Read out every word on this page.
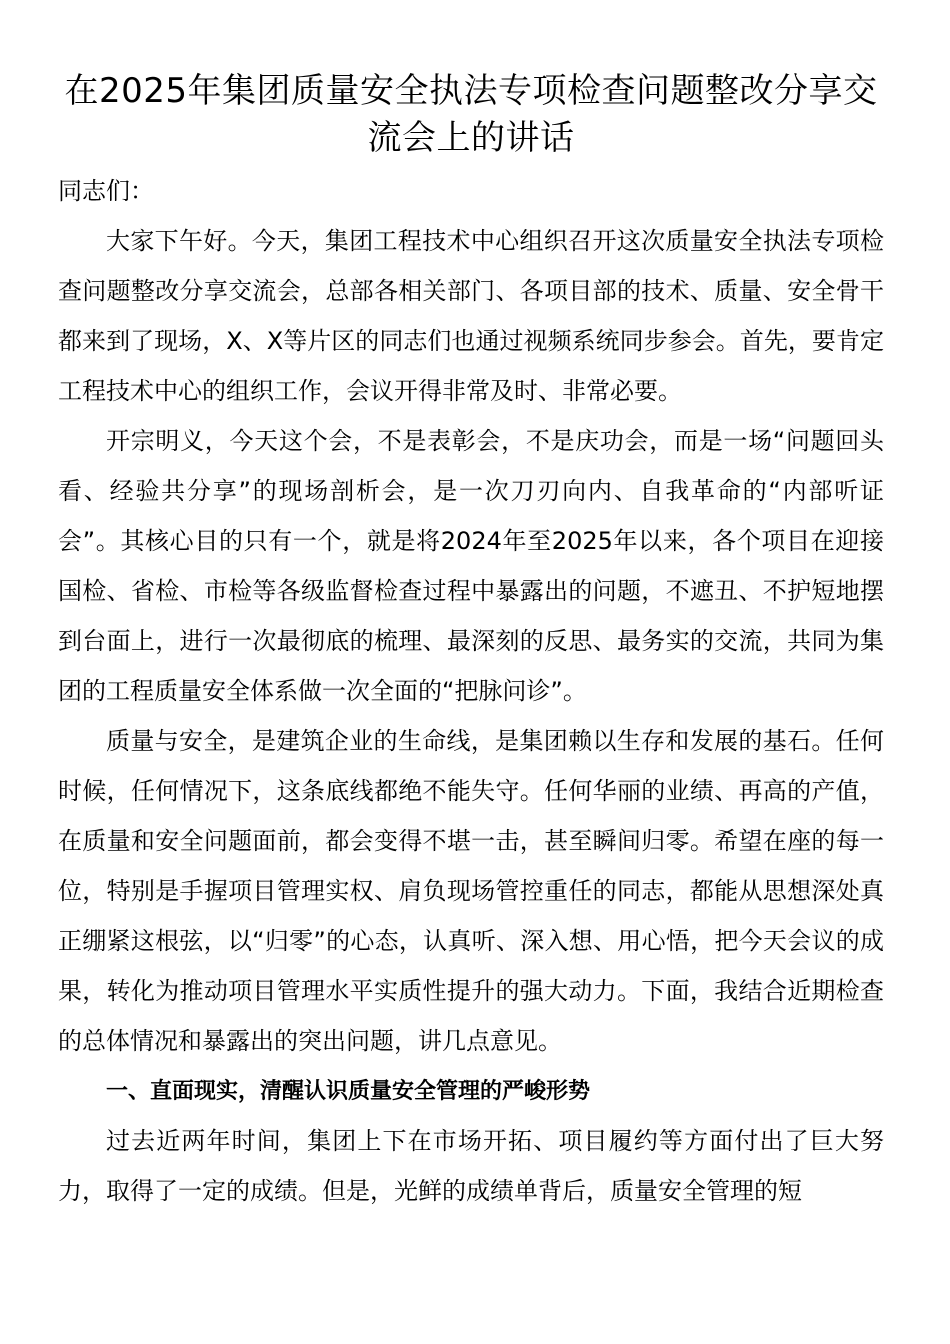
在2025年集团质量安全执法专项检查问题整改分享交流会上的讲话

同志们：

大家下午好。今天，集团工程技术中心组织召开这次质量安全执法专项检查问题整改分享交流会，总部各相关部门、各项目部的技术、质量、安全骨干都来到了现场，X、X等片区的同志们也通过视频系统同步参会。首先，要肯定工程技术中心的组织工作，会议开得非常及时、非常必要。

开宗明义，今天这个会，不是表彰会，不是庆功会，而是一场“问题回头看、经验共分享”的现场剖析会，是一次刀刃向内、自我革命的“内部听证会”。其核心目的只有一个，就是将2024年至2025年以来，各个项目在迎接国检、省检、市检等各级监督检查过程中暴露出的问题，不遮丑、不护短地摆到台面上，进行一次最彻底的梳理、最深刻的反思、最务实的交流，共同为集团的工程质量安全体系做一次全面的“把脉问诊”。

质量与安全，是建筑企业的生命线，是集团赖以生存和发展的基石。任何时候，任何情况下，这条底线都绝不能失守。任何华丽的业绩、再高的产值，在质量和安全问题面前，都会变得不堪一击，甚至瞬间归零。希望在座的每一位，特别是手握项目管理实权、肩负现场管控重任的同志，都能从思想深处真正绷紧这根弦，以“归零”的心态，认真听、深入想、用心悟，把今天会议的成果，转化为推动项目管理水平实质性提升的强大动力。下面，我结合近期检查的总体情况和暴露出的突出问题，讲几点意见。

一、直面现实，清醒认识质量安全管理的严峻形势

过去近两年时间，集团上下在市场开拓、项目履约等方面付出了巨大努力，取得了一定的成绩。但是，光鲜的成绩单背后，质量安全管理的短
